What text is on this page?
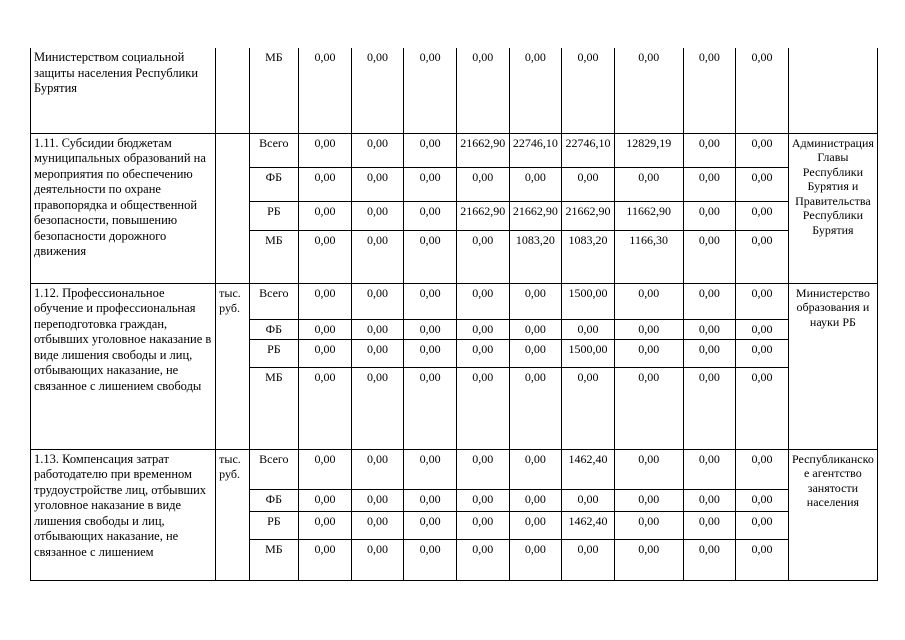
Министерством социальной защиты населения Республики Бурятия		МБ	0,00	0,00	0,00	0,00	0,00	0,00	0,00	0,00	0,00	
1.11. Субсидии бюджетам муниципальных образований на мероприятия по обеспечению деятельности по охране правопорядка и общественной безопасности, повышению безопасности дорожного движения		Всего	0,00	0,00	0,00	21662,90	22746,10	22746,10	12829,19	0,00	0,00	Администрация Главы Республики Бурятия и Правительства Республики Бурятия
		ФБ	0,00	0,00	0,00	0,00	0,00	0,00	0,00	0,00	0,00	
		РБ	0,00	0,00	0,00	21662,90	21662,90	21662,90	11662,90	0,00	0,00	
		МБ	0,00	0,00	0,00	0,00	1083,20	1083,20	1166,30	0,00	0,00	
1.12. Профессиональное обучение и профессиональная переподготовка граждан, отбывших уголовное наказание в виде лишения свободы и лиц, отбывающих наказание, не связанное с лишением свободы	тыс. руб.	Всего	0,00	0,00	0,00	0,00	0,00	1500,00	0,00	0,00	0,00	Министерство образования и науки РБ
		ФБ	0,00	0,00	0,00	0,00	0,00	0,00	0,00	0,00	0,00	
		РБ	0,00	0,00	0,00	0,00	0,00	1500,00	0,00	0,00	0,00	
		МБ	0,00	0,00	0,00	0,00	0,00	0,00	0,00	0,00	0,00	
1.13. Компенсация затрат работодателю при временном трудоустройстве лиц, отбывших уголовное наказание в виде лишения свободы и лиц, отбывающих наказание, не связанное с лишением	тыс. руб.	Всего	0,00	0,00	0,00	0,00	0,00	1462,40	0,00	0,00	0,00	Республиканское агентство занятости населения
		ФБ	0,00	0,00	0,00	0,00	0,00	0,00	0,00	0,00	0,00	
		РБ	0,00	0,00	0,00	0,00	0,00	1462,40	0,00	0,00	0,00	
		МБ	0,00	0,00	0,00	0,00	0,00	0,00	0,00	0,00	0,00	
